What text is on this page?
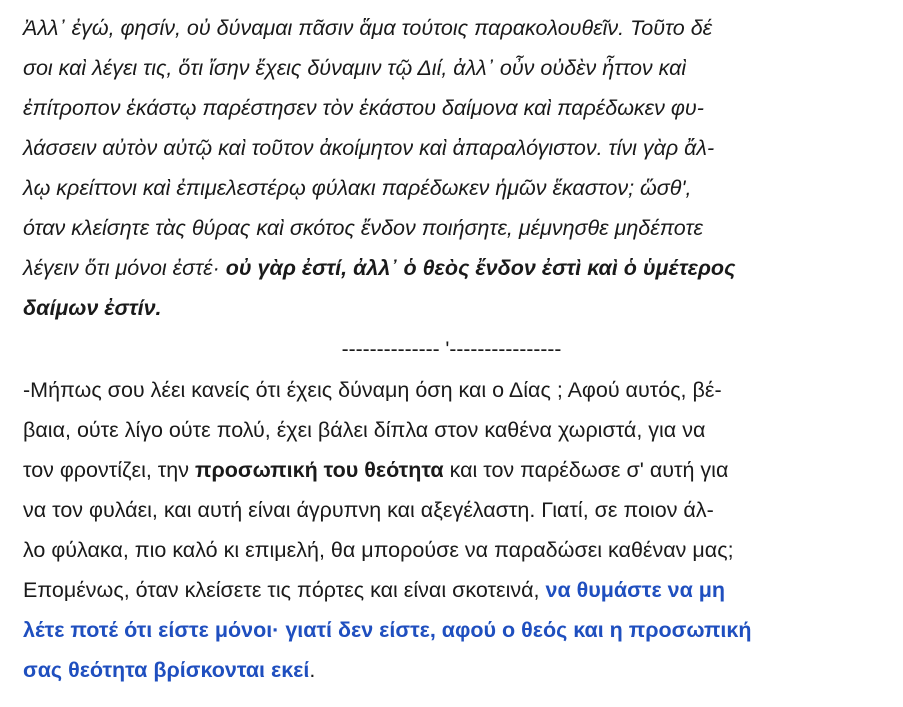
Ἀλλ᾽ ἐγώ, φησίν, οὐ δύναμαι πᾶσιν ἅμα τούτοις παρακολουθεῖν. Τοῦτο δέ
σοι καὶ λέγει τις, ὅτι ἴσην ἔχεις δύναμιν τῷ Διί, ἀλλ᾽ οὖν οὐδὲν ἧττον καὶ
ἐπίτροπον ἑκάστῳ παρέστησεν τὸν ἑκάστου δαίμονα καὶ παρέδωκεν φυ-
λάσσειν αὐτὸν αὐτῷ καὶ τοῦτον ἀκοίμητον καὶ ἀπαραλόγιστον. τίνι γὰρ ἄλ-
λῳ κρείττονι καὶ ἐπιμελεστέρῳ φύλακι παρέδωκεν ἡμῶν ἕκαστον; ὥσθ',
όταν κλείσητε τὰς θύρας καὶ σκότος ἔνδον ποιήσητε, μέμνησθε μηδέποτε
λέγειν ὅτι μόνοι ἐστέ· οὐ γὰρ ἐστί, ἀλλ᾽ ὁ θεὸς ἔνδον ἐστὶ καὶ ὁ ὑμέτερος
δαίμων ἐστίν.
-------------- '----------------
-Μήπως σου λέει κανείς ότι έχεις δύναμη όση και ο Δίας ; Αφού αυτός, βέ-
βαια, ούτε λίγο ούτε πολύ, έχει βάλει δίπλα στον καθένα χωριστά, για να
τον φροντίζει, την προσωπική του θεότητα και τον παρέδωσε σ' αυτή για
να τον φυλάει, και αυτή είναι άγρυπνη και αξεγέλαστη. Γιατί, σε ποιον άλ-
λο φύλακα, πιο καλό κι επιμελή, θα μπορούσε να παραδώσει καθέναν μας;
Επομένως, όταν κλείσετε τις πόρτες και είναι σκοτεινά, να θυμάστε να μη
λέτε ποτέ ότι είστε μόνοι· γιατί δεν είστε, αφού ο θεός και η προσωπική
σας θεότητα βρίσκονται εκεί.
